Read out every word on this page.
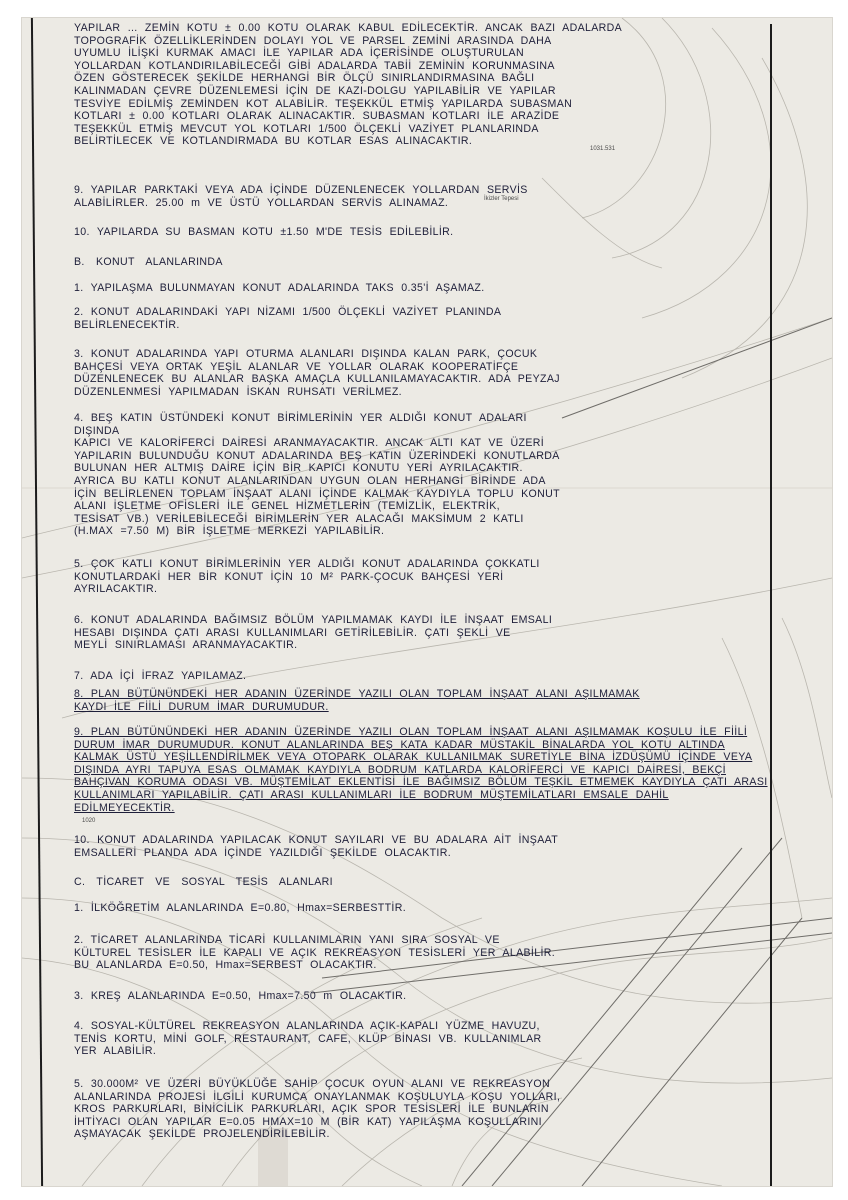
1031.531
İkizler Tepesi
1020
YAPILAR ... ZEMİN KOTU ± 0.00 KOTU OLARAK KABUL EDİLECEKTİR. ANCAK BAZI ADALARDA
TOPOGRAFİK ÖZELLİKLERİNDEN DOLAYI YOL VE PARSEL ZEMİNİ ARASINDA DAHA
UYUMLU İLİŞKİ KURMAK AMACI İLE YAPILAR ADA İÇERİSİNDE OLUŞTURULAN
YOLLARDAN KOTLANDIRILABİLECEĞİ GİBİ ADALARDA TABİİ ZEMİNİN KORUNMASINA
ÖZEN GÖSTERECEK ŞEKİLDE HERHANGİ BİR ÖLÇÜ SINIRLANDIRMASINA BAĞLI
KALINMADAN ÇEVRE DÜZENLEMESİ İÇİN DE KAZI-DOLGU YAPILABİLİR VE YAPILAR
TESVİYE EDİLMİŞ ZEMİNDEN KOT ALABİLİR. TEŞEKKÜL ETMİŞ YAPILARDA SUBASMAN
KOTLARI ± 0.00 KOTLARI OLARAK ALINACAKTIR. SUBASMAN KOTLARI İLE ARAZİDE
TEŞEKKÜL ETMİŞ MEVCUT YOL KOTLARI 1/500 ÖLÇEKLİ VAZİYET PLANLARINDA
BELİRTİLECEK VE KOTLANDIRMADA BU KOTLAR ESAS ALINACAKTIR.
9. YAPILAR PARKTAKİ VEYA ADA İÇİNDE DÜZENLENECEK YOLLARDAN SERVİS
ALABİLİRLER. 25.00 m VE ÜSTÜ YOLLARDAN SERVİS ALINAMAZ.
10. YAPILARDA SU BASMAN KOTU ±1.50 M'DE TESİS EDİLEBİLİR.
B. KONUT ALANLARINDA
1. YAPILAŞMA BULUNMAYAN KONUT ADALARINDA TAKS 0.35'İ AŞAMAZ.
2. KONUT ADALARINDAKİ YAPI NİZAMI 1/500 ÖLÇEKLİ VAZİYET PLANINDA
BELİRLENECEKTİR.
3. KONUT ADALARINDA YAPI OTURMA ALANLARI DIŞINDA KALAN PARK, ÇOCUK
BAHÇESİ VEYA ORTAK YEŞİL ALANLAR VE YOLLAR OLARAK KOOPERATİFÇE
DÜZENLENECEK BU ALANLAR BAŞKA AMAÇLA KULLANILAMAYACAKTIR. ADA PEYZAJ
DÜZENLENMESİ YAPILMADAN İSKAN RUHSATI VERİLMEZ.
4. BEŞ KATIN ÜSTÜNDEKİ KONUT BİRİMLERİNİN YER ALDIĞI KONUT ADALARI
DIŞINDA
KAPICI VE KALORİFERCİ DAİRESİ ARANMAYACAKTIR. ANCAK ALTI KAT VE ÜZERİ
YAPILARIN BULUNDUĞU KONUT ADALARINDA BEŞ KATIN ÜZERİNDEKİ KONUTLARDA
BULUNAN HER ALTMIŞ DAİRE İÇİN BİR KAPICI KONUTU YERİ AYRILACAKTIR.
AYRICA BU KATLI KONUT ALANLARINDAN UYGUN OLAN HERHANGİ BİRİNDE ADA
İÇİN BELİRLENEN TOPLAM İNŞAAT ALANI İÇİNDE KALMAK KAYDIYLA TOPLU KONUT
ALANI İŞLETME OFİSLERİ İLE GENEL HİZMETLERİN (TEMİZLİK, ELEKTRİK,
TESİSAT VB.) VERİLEBİLECEĞİ BİRİMLERİN YER ALACAĞI MAKSİMUM 2 KATLI
(H.MAX =7.50 M) BİR İŞLETME MERKEZİ YAPILABİLİR.
5. ÇOK KATLI KONUT BİRİMLERİNİN YER ALDIĞI KONUT ADALARINDA ÇOKKATLI
KONUTLARDAKİ HER BİR KONUT İÇİN 10 M² PARK-ÇOCUK BAHÇESİ YERİ
AYRILACAKTIR.
6. KONUT ADALARINDA BAĞIMSIZ BÖLÜM YAPILMAMAK KAYDI İLE İNŞAAT EMSALI
HESABI DIŞINDA ÇATI ARASI KULLANIMLARI GETİRİLEBİLİR. ÇATI ŞEKLİ VE
MEYLİ SINIRLAMASI ARANMAYACAKTIR.
7. ADA İÇİ İFRAZ YAPILAMAZ.
8. PLAN BÜTÜNÜNDEKİ HER ADANIN ÜZERİNDE YAZILI OLAN TOPLAM İNŞAAT ALANI AŞILMAMAK
KAYDI İLE FİİLİ DURUM İMAR DURUMUDUR.
9. PLAN BÜTÜNÜNDEKİ HER ADANIN ÜZERİNDE YAZILI OLAN TOPLAM İNŞAAT ALANI AŞILMAMAK KOŞULU İLE FİİLİ
DURUM İMAR DURUMUDUR. KONUT ALANLARINDA BEŞ KATA KADAR MÜSTAKİL BİNALARDA YOL KOTU ALTINDA
KALMAK ÜSTÜ YEŞİLLENDİRİLMEK VEYA OTOPARK OLARAK KULLANILMAK SURETİYLE BİNA İZDÜŞÜMÜ İÇİNDE VEYA
DIŞINDA AYRI TAPUYA ESAS OLMAMAK KAYDIYLA BODRUM KATLARDA KALORİFERCİ VE KAPICI DAİRESİ, BEKÇİ
BAHÇIVAN KORUMA ODASI VB. MÜŞTEMİLAT EKLENTİSİ İLE BAĞIMSIZ BÖLÜM TEŞKİL ETMEMEK KAYDIYLA ÇATI ARASI
KULLANIMLARI YAPILABİLİR. ÇATI ARASI KULLANIMLARI İLE BODRUM MÜŞTEMİLATLARI EMSALE DAHİL
EDİLMEYECEKTİR.
10. KONUT ADALARINDA YAPILACAK KONUT SAYILARI VE BU ADALARA AİT İNŞAAT
EMSALLERİ PLANDA ADA İÇİNDE YAZILDIĞI ŞEKİLDE OLACAKTIR.
C. TİCARET VE SOSYAL TESİS ALANLARI
1. İLKÖĞRETİM ALANLARINDA E=0.80, Hmax=SERBESTTİR.
2. TİCARET ALANLARINDA TİCARİ KULLANIMLARIN YANI SIRA SOSYAL VE
KÜLTUREL TESİSLER İLE KAPALI VE AÇIK REKREASYON TESİSLERİ YER ALABİLİR.
BU ALANLARDA E=0.50, Hmax=SERBEST OLACAKTIR.
3. KREŞ ALANLARINDA E=0.50, Hmax=7.50 m OLACAKTIR.
4. SOSYAL-KÜLTÜREL REKREASYON ALANLARINDA AÇIK-KAPALI YÜZME HAVUZU,
TENİS KORTU, MİNİ GOLF, RESTAURANT, CAFE, KLÜP BİNASI VB. KULLANIMLAR
YER ALABİLİR.
5. 30.000M² VE ÜZERİ BÜYÜKLÜĞE SAHİP ÇOCUK OYUN ALANI VE REKREASYON
ALANLARINDA PROJESİ İLGİLİ KURUMCA ONAYLANMAK KOŞULUYLA KOŞU YOLLARI,
KROS PARKURLARI, BİNİCİLİK PARKURLARI, AÇIK SPOR TESİSLERİ İLE BUNLARIN
İHTİYACI OLAN YAPILAR E=0.05 HMAX=10 M (BİR KAT) YAPILAŞMA KOŞULLARINI
AŞMAYACAK ŞEKİLDE PROJELENDİRİLEBİLİR.
